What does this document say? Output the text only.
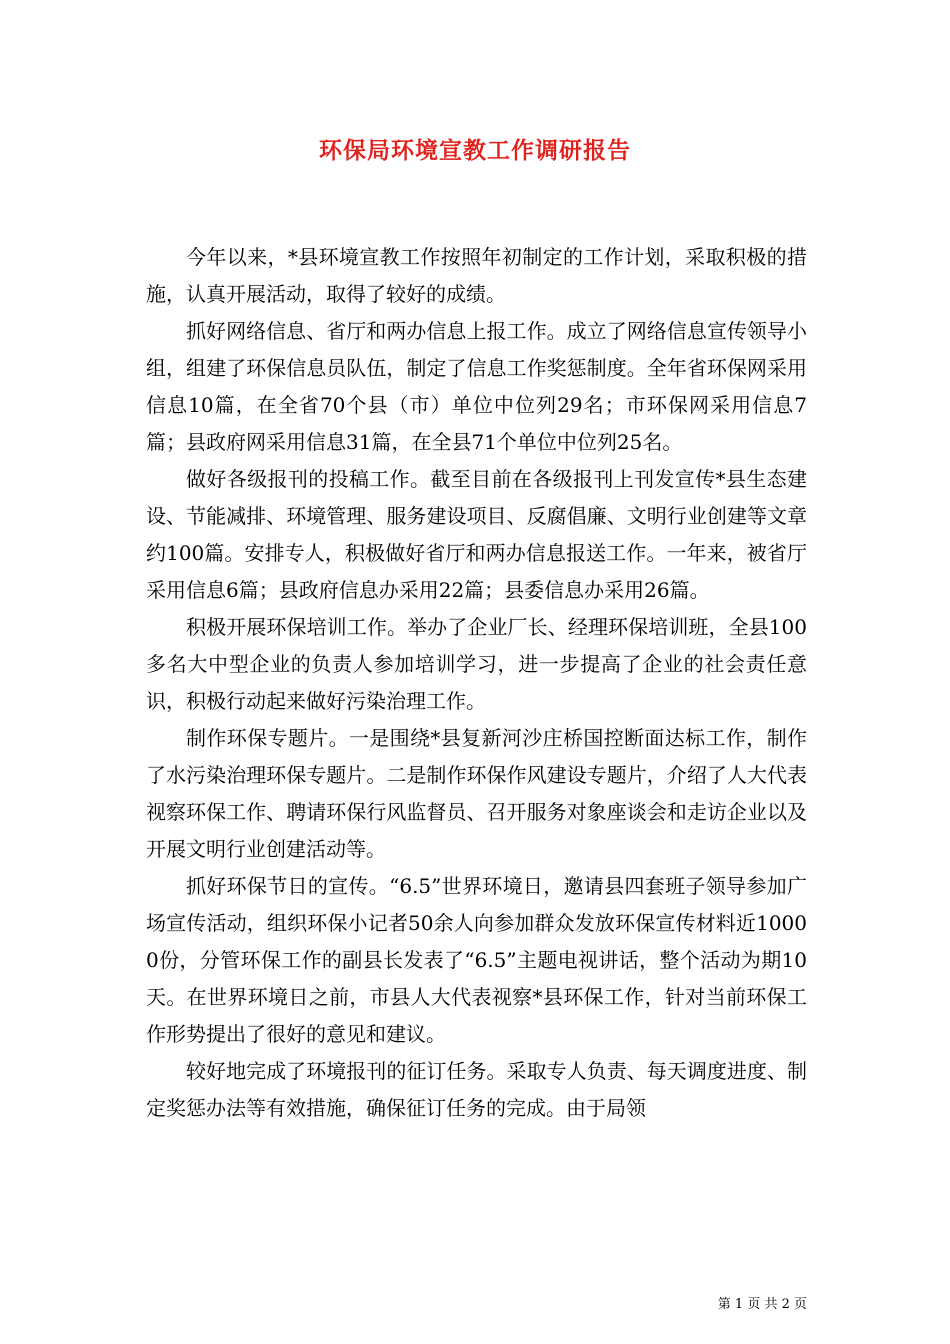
环保局环境宣教工作调研报告

今年以来，*县环境宣教工作按照年初制定的工作计划，采取积极的措施，认真开展活动，取得了较好的成绩。

抓好网络信息、省厅和两办信息上报工作。成立了网络信息宣传领导小组，组建了环保信息员队伍，制定了信息工作奖惩制度。全年省环保网采用信息10篇，在全省70个县（市）单位中位列29名；市环保网采用信息7篇；县政府网采用信息31篇，在全县71个单位中位列25名。

做好各级报刊的投稿工作。截至目前在各级报刊上刊发宣传*县生态建设、节能减排、环境管理、服务建设项目、反腐倡廉、文明行业创建等文章约100篇。安排专人，积极做好省厅和两办信息报送工作。一年来，被省厅采用信息6篇；县政府信息办采用22篇；县委信息办采用26篇。

积极开展环保培训工作。举办了企业厂长、经理环保培训班，全县100多名大中型企业的负责人参加培训学习，进一步提高了企业的社会责任意识，积极行动起来做好污染治理工作。

制作环保专题片。一是围绕*县复新河沙庄桥国控断面达标工作，制作了水污染治理环保专题片。二是制作环保作风建设专题片，介绍了人大代表视察环保工作、聘请环保行风监督员、召开服务对象座谈会和走访企业以及开展文明行业创建活动等。

抓好环保节日的宣传。“6.5”世界环境日，邀请县四套班子领导参加广场宣传活动，组织环保小记者50余人向参加群众发放环保宣传材料近10000份，分管环保工作的副县长发表了“6.5”主题电视讲话，整个活动为期10天。在世界环境日之前，市县人大代表视察*县环保工作，针对当前环保工作形势提出了很好的意见和建议。

较好地完成了环境报刊的征订任务。采取专人负责、每天调度进度、制定奖惩办法等有效措施，确保征订任务的完成。由于局领

第 1 页 共 2 页
